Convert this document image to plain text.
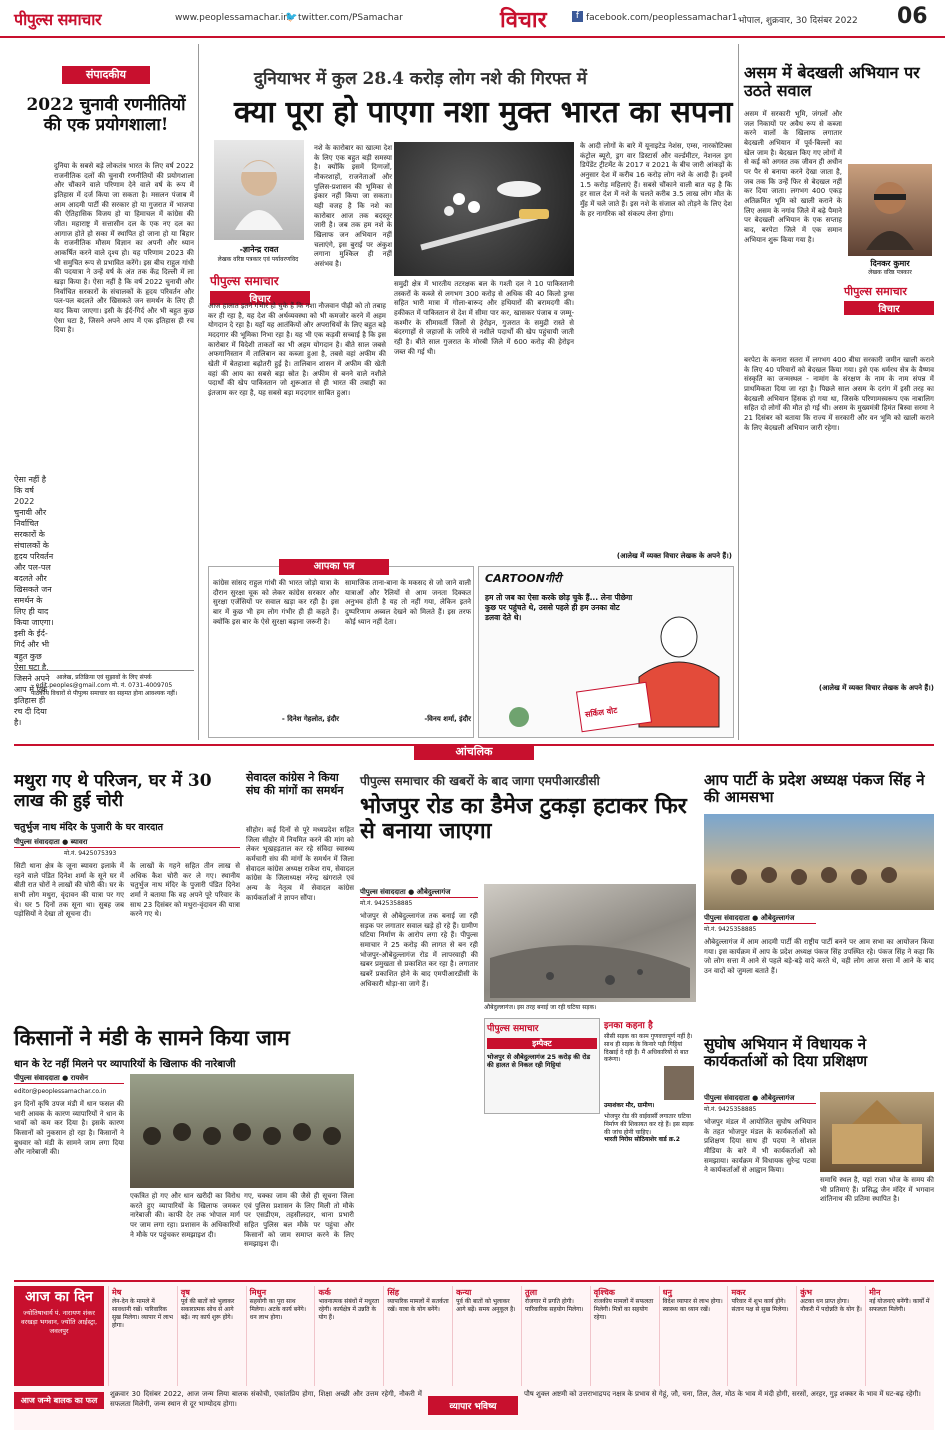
पीपुल्स समाचार	www.peoplessamachar.in
🐦 twitter.com/PSamachar	विचार	f facebook.com/peoplessamachar1 भोपाल, शुक्रवार, 30 दिसंबर 2022 06
संपादकीय
2022 चुनावी रणनीतियों की एक प्रयोगशाला!
दुनिया के सबसे बड़े लोकतंत्र भारत के लिए वर्ष 2022 राजनीतिक दलों की चुनावी रणनीतियों की प्रयोगशाला और चौंकाने वाले परिणाम देने वाले वर्ष के रूप में इतिहास में दर्ज किया जा सकता है। मसलन पंजाब में आम आदमी पार्टी की सरकार हो या गुजरात में भाजपा की ऐतिहासिक विजय हो या हिमाचल में कांग्रेस की जीत। महाराष्ट्र में सत्तासीन दल के एक नए दल का आगाज होते हो सका में स्थापित हो जाना हो या बिहार के राजनीतिक मौसम विज्ञान का अपनी और ध्यान आकर्षित करने वाले दृश्य हो। यह परिणाम 2023 की भी समुचित रूप से प्रभावित करेंगे। इस बीच राहुल गांधी की पदयात्रा ने उन्हें वर्ष के अंत तक केंद्र दिल्ली में ला खड़ा किया है। ऐसा नहीं है कि वर्ष 2022 चुनावी और निर्वाचित सरकारों के संचालकों के हृदय परिवर्तन और पल-पल बदलते और खिसकते जन समर्थन के लिए ही याद किया जाएगा। इसी के ईर्द-गिर्द और भी बहुत कुछ ऐसा घटा है, जिसने अपने आप में एक इतिहास ही रच दिया है।
ऐसा नहीं है कि वर्ष 2022 चुनावी और निर्वाचित सरकारों के संचालकों के हृदय परिवर्तन और पल-पल बदलते और खिसकते जन समर्थन के लिए ही याद किया जाएगा। इसी के ईर्द-गिर्द और भी बहुत कुछ ऐसा घटा है, जिसने अपने आप में एक इतिहास ही रच दी दिया है।
आलेख, प्रतिक्रिया एवं सुझावों के लिए संपर्क
edit.peoples@gmail.com मो. नं. 0731-4009705
पाठकीय विचारों से पीपुल्स समाचार का सहमत होना आवश्यक नहीं।
दुनियाभर में कुल 28.4 करोड़ लोग नशे की गिरफ्त में
क्या पूरा हो पाएगा नशा मुक्त भारत का सपना
-ज्ञानेन्द्र रावत
लेखक वरिष्ठ पत्रकार एवं पर्यावरणविद
पीपुल्स समाचार
विचार
नशे के कारोबार का खात्मा देश के लिए एक बहुत बड़ी समस्या है। क्योंकि इसमें दिग्गजों, नौकरशाहों, राजनेताओं और पुलिस-प्रशासन की भूमिका से इंकार नहीं किया जा सकता। यही वजह है कि नशे का कारोबार आज तक बदस्तूर जारी है। जब तक हम नशे के खिलाफ जन अभियान नहीं चलाएंगे, इस बुराई पर अंकुश लगाना मुश्किल ही नहीं असंभव है।
आज हालात इतने गंभीर हो चुके हैं कि नशा नौजवान पीढ़ी को तो तबाह कर ही रहा है, यह देश की अर्थव्यवस्था को भी कमजोर करने में अहम योगदान दे रहा है। यहाँ यह आतंकियों और अपराधियों के लिए बहुत बड़े मददगार की भूमिका निभा रहा है। यह भी एक कड़वी सच्चाई है कि इस कारोबार में विदेशी ताकतों का भी अहम योगदान है। बीते साल जबसे अफगानिस्तान में तालिबान का कब्जा हुआ है, तबसे वहां अफीम की खेती में बेतहाशा बढ़ोतरी हुई है। तालिबान शासन में अफीम की खेती वहां की आय का सबसे बड़ा स्रोत है। अफीम से बनने वाले नशीले पदार्थों की खेप पाकिस्तान जो शुरूआत से ही भारत की तबाही का इंतजाम कर रहा है, यह सबसे बड़ा मददगार साबित हुआ।
समुद्री क्षेत्र में भारतीय तटरक्षक बल के गश्ती दल ने 10 पाकिस्तानी तस्करों के कब्जे से लगभग 300 करोड़ से अधिक की 40 किलो ड्रग्स सहित भारी मात्रा में गोला-बारूद और हथियारों की बरामदगी की। हकीकत में पाकिस्तान से देश में सीमा पार कर, खासकर पंजाब व जम्मू-कश्मीर के सीमावर्ती जिलों से हेरोइन, गुजरात के समुद्री रास्ते से बंदरगाहों से जहाजों के जरिये से नशीले पदार्थों की खेप पहुंचायी जाती रही है। बीते साल गुजरात के मोरबी जिले में 600 करोड़ की हेरोइन जब्त की गई थी।
के आदी लोगों के बारे में यूनाइटेड नेशंस, एम्स, नारकोटिक्स कंट्रोल ब्यूरो, ड्रग वार डिस्टार्स और वर्ल्डमीटर, नेशनल ड्रग डिपेंडेंट ट्रीटमेंट के 2017 व 2021 के बीच जारी आंकड़ों के अनुसार देश में करीब 16 करोड़ लोग नशे के आदी हैं। इनमें 1.5 करोड़ महिलाएं हैं। सबसे चौंकाने वाली बात यह है कि हर साल देश में नशे के चलते करीब 3.5 लाख लोग मौत के मुँह में चले जाते हैं। इस नशे के संजाल को तोड़ने के लिए देश के हर नागरिक को संकल्प लेना होगा।
(आलेख में व्यक्त विचार लेखक के अपने हैं।)
असम में बेदखली अभियान पर उठते सवाल
असम में सरकारी भूमि, जंगलों और जल निकायों पर अवैध रूप से कब्जा करने वालों के खिलाफ लगातार बेदखली अभियान में पूर्व-बिल्लों का खेल जाम है। बेदखल किए गए लोगों में से कई को अगस्त तक जीवन ही अधीन पर पैर से बनाया करने देखा जाता है, जब तक कि उन्हें फिर से बेदखल नहीं कर दिया जाता। लगभग 400 एकड़ अतिक्रमित भूमि को खाली कराने के लिए असम के नगांव जिले में बढ़े पैमाने पर बेदखली अभियान के एक सप्ताह बाद, बरपेटा जिले में एक समान अभियान शुरू किया गया है।
दिनकर कुमार
लेखक वरिष्ठ पत्रकार
पीपुल्स समाचार
विचार
बरपेटा के कनारा सतरा में लगभग 400 बीघा सरकारी जमीन खाली कराने के लिए 40 परिवारों को बेदखल किया गया। इसे एक धर्मरथ सेत्र के वैष्णव संस्कृति का जन्मस्थल - नामांग के संरक्षण के नाम के नाम संपन्न में प्राथमिकता दिया जा रहा है। पिछले साल असम के दरांग में इसी तरह का बेदखली अभियान हिंसक हो गया था, जिसके परिणामस्वरूप एक नाबालिग सहित दो लोगों की मौत हो गई थी। असम के मुख्यमंत्री हिमंत बिस्वा सरमा ने 21 दिसंबर को बताया कि राज्य में सरकारी और वन भूमि को खाली कराने के लिए बेदखली अभियान जारी रहेगा।
(आलेख में व्यक्त विचार लेखक के अपने हैं।)
आपका पत्र
कांग्रेस सांसद राहुल गांधी की भारत जोड़ो यात्रा के दौरान सुरक्षा चूक को लेकर कांग्रेस सरकार और सुरक्षा एजेंसियों पर सवाल खड़ा कर रही है। इस बार में कुछ भी हम लोग गंभीर ही ही कहते हैं। क्योंकि इस बार के ऐसे सुरक्षा बढ़ाना जरूरी है।
- दिनेश गेहलोत, इंदौर
सामाजिक ताना-बाना के मकसद से जो जाने वाली यात्राओं और रैलियों से आम जनता दिक्कत अनुभव होती है यह तो नहीं गया, लेकिन इतने दुष्परिणाम अब्वल देखने को मिलते हैं। इस तरफ कोई ध्यान नहीं देता।
-विनय शर्मा, इंदौर
CARTOONगीरी
हम तो जब का ऐसा करके छोड़ चुके हैं... लेना पीछेगा कुछ पर पहुंचते थे, उससे पहले ही हम उनका वोट डलवा देते थे।
सर्किल वोट
आंचलिक
मथुरा गए थे परिजन, घर में 30 लाख की हुई चोरी
चतुर्भुज नाथ मंदिर के पुजारी के घर वारदात
पीपुल्स संवाददाता ● ब्यावरा
मो.नं. 9425075393
सिटी थाना क्षेत्र के जूना ब्यावरा इलाके में रहने वाले पंडित दिनेश शर्मा के सूने घर में बीती रात चोरों ने लाखों की चोरी की। घर के सभी लोग मथुरा, वृंदावन की यात्रा पर गए थे। घर 5 दिनों तक सूना था। सुबह जब पड़ोसियों ने देखा तो सूचना दी।
के लाखों के गहने सहित तीन लाख से अधिक कैश चोरी कर ले गए। स्थानीय चतुर्भुज नाथ मंदिर के पुजारी पंडित दिनेश शर्मा ने बताया कि वह अपने पूरे परिवार के साथ 23 दिसंबर को मथुरा-वृंदावन की यात्रा करने गए थे।
सेवादल कांग्रेस ने किया संघ की मांगों का समर्थन
सीहोर। कई दिनों से पूरे मध्यप्रदेश सहित जिला सीहोर में नियमित करने की मांग को लेकर भूखहड़ताल कर रहे संविदा स्वास्थ्य कर्मचारी संघ की मांगों के समर्थन में जिला सेवादल कांग्रेस अध्यक्ष राकेश राय, सेवादल कांग्रेस के जिलाध्यक्ष नरेन्द्र खंगराले एवं अन्य के नेतृत्व में सेवादल कांग्रेस कार्यकर्ताओं ने ज्ञापन सौंपा।
पीपुल्स समाचार की खबरों के बाद जागा एमपीआरडीसी
भोजपुर रोड का डैमेज टुकड़ा हटाकर फिर से बनाया जाएगा
पीपुल्स संवाददाता ● औबेदुल्लागंज
मो.नं. 9425358885
भोजपुर से औबेदुल्लागंज तक बनाई जा रही सड़क पर लगातार सवाल खड़े हो रहे हैं। ग्रामीण घटिया निर्माण के आरोप लगा रहे हैं। पीपुल्स समाचार ने 25 करोड़ की लागत से बन रही भोजपुर-औबेदुल्लागंज रोड में लापरवाही की खबर प्रमुखता से प्रकाशित कर रहा है। लगातार खबरें प्रकाशित होने के बाद एमपीआरडीसी के अधिकारी थोड़ा-सा जागे हैं।
औबेदुल्लागंज। इस तरह बनाई जा रही घटिया सड़क।
पीपुल्स समाचार
इम्पैक्ट
भोजपुर से औबेदुल्लागंज 25 करोड़ की रोड की हालत से निकल रही गिट्टियां
इनका कहना है
सीसी सड़क का काम गुणवत्तापूर्ण नहीं है। साथ ही सड़क के किनारे पड़ी गिट्टियां दिखाई दे रही हैं। मैं अधिकारियों से बात करूंगा।
उमाशंकर मौर, ग्रामीण।
भोजपुर रोड की वाईवार्सी लगातार घटिया निर्माण की शिकायत कर रहे हैं। इस सड़क की जांच होनी चाहिए।
भारती निरोस सोठियाशेर वार्ड क्र.2
आप पार्टी के प्रदेश अध्यक्ष पंकज सिंह ने की आमसभा
पीपुल्स संवाददाता ● औबेदुल्लागंज
मो.नं. 9425358885
औबेदुल्लागंज में आम आदमी पार्टी की राष्ट्रीय पार्टी बनने पर आम सभा का आयोजन किया गया। इस कार्यक्रम में आप के प्रदेश अध्यक्ष पंकज सिंह उपस्थित रहे। पंकज सिंह ने कहा कि जो लोग सत्ता में आने से पहले बड़े-बड़े वादे करते थे, वही लोग आज सत्ता में आने के बाद उन वादों को जुमला बताते हैं।
किसानों ने मंडी के सामने किया जाम
धान के रेट नहीं मिलने पर व्यापारियों के खिलाफ की नारेबाजी
पीपुल्स संवाददाता ● रायसेन
editor@peoplessamachar.co.in
इन दिनों कृषि उपज मंडी में धान फसल की भारी आवक के कारण व्यापारियों ने धान के भावों को कम कर दिया है। इसके कारण किसानों को नुकसान हो रहा है। किसानों ने बुधवार को मंडी के सामने जाम लगा दिया और नारेबाजी की।
एकत्रित हो गए और धान खरीदी का विरोध करते हुए व्यापारियों के खिलाफ जमकर नारेबाजी की। काफी देर तक भोपाल मार्ग पर जाम लगा रहा। प्रशासन के अधिकारियों ने मौके पर पहुंचकर समझाइश दी।
गए, चक्का जाम की जैसे ही सूचना जिला एवं पुलिस प्रशासन के लिए मिली तो मौके पर एसडीएम, तहसीलदार, थाना प्रभारी सहित पुलिस बल मौके पर पहुंचा और किसानों को जाम समाप्त करने के लिए समझाइश दी।
सुघोष अभियान में विधायक ने कार्यकर्ताओं को दिया प्रशिक्षण
पीपुल्स संवाददाता ● औबेदुल्लागंज
मो.नं. 9425358885
भोजपुर मंडल में आयोजित सुघोष अभियान के तहत भोजपुर मंडल के कार्यकर्ताओं को प्रशिक्षण दिया साथ ही पदया ने सोशल मीडिया के बारे में भी कार्यकर्ताओं को समझाया। कार्यक्रम में विधायक सुरेन्द्र पटवा ने कार्यकर्ताओं से आह्वान किया।
समाधि स्थल है, यहां राजा भोज के समय की भी प्रतिमाएं हैं। प्रसिद्ध जैन मंदिर में भगवान शांतिनाथ की प्रतिमा स्थापित है।
आज का दिन
ज्योतिषाचार्य पं. नारायण शंकर वरखड़ा भगवान, ज्योति आईस्ट्रा, जवलपुर
मेष
लेन-देन के मामले में सावधानी रखें। पारिवारिक सुख मिलेगा। व्यापार में लाभ होगा।
वृष
पूर्व की बातों को भुलाकर सकारात्मक सोच से आगे बढ़ें। नए कार्य शुरू होंगे।
मिथुन
सहयोगी का पूरा साथ मिलेगा। अटके कार्य बनेंगे। धन लाभ होगा।
कर्क
भावनात्मक संबंधों में मधुरता रहेगी। कार्यक्षेत्र में उन्नति के योग हैं।
सिंह
व्यापारिक मामलों में सतर्कता रखें। यात्रा के योग बनेंगे।
कन्या
पूर्व की बातों को भुलाकर आगे बढ़ें। समय अनुकूल है।
तुला
रोजगार में प्रगति होगी। पारिवारिक सहयोग मिलेगा।
वृश्चिक
राजकीय मामलों में सफलता मिलेगी। मित्रों का सहयोग रहेगा।
धनु
विदेश व्यापार से लाभ होगा। स्वास्थ्य का ध्यान रखें।
मकर
परिवार में शुभ कार्य होंगे। संतान पक्ष से सुख मिलेगा।
कुंभ
अटका धन प्राप्त होगा। नौकरी में पदोन्नति के योग हैं।
मीन
नई योजनाएं बनेंगी। कार्यों में सफलता मिलेगी।
आज जन्मे बालक का फल
शुक्रवार 30 दिसंबर 2022, आज जन्म लिया बालक संकोची, एकांतप्रिय होगा, शिक्षा अच्छी और उत्तम रहेगी, नौकरी में सफलता मिलेगी, जन्म स्थान से दूर भाग्योदय होगा।	व्यापार भविष्य
पौष शुक्ल अष्टमी को उत्तराभाद्रपद नक्षत्र के प्रभाव से गेहूं, जौ, चना, तिल, तेल, मोठ के भाव में मंदी होगी, सरसों, अरहर, गुड़ शक्कर के भाव में घट-बढ़ रहेगी।
